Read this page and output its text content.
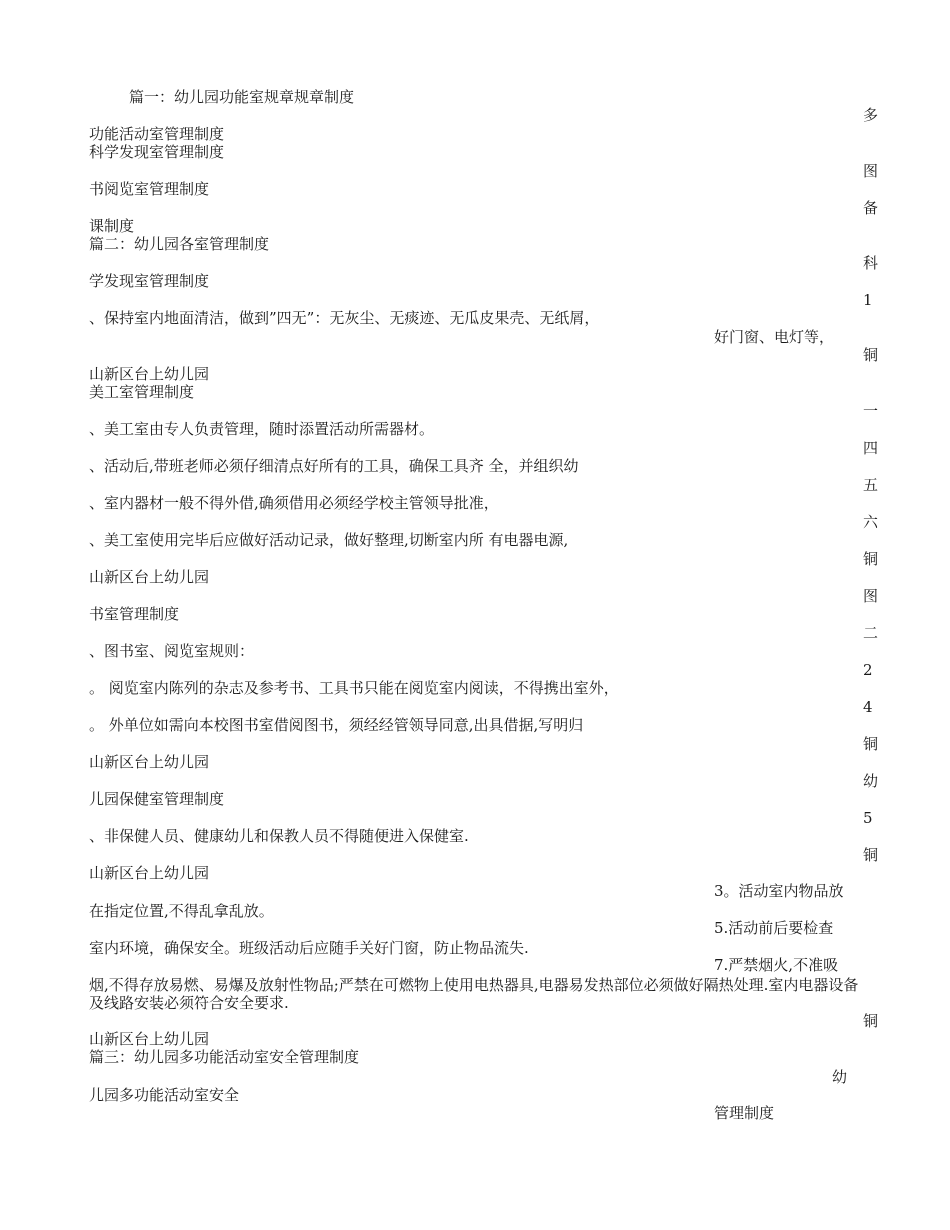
篇一：幼儿园功能室规章规章制度
功能活动室管理制度
科学发现室管理制度
书阅览室管理制度
课制度
篇二：幼儿园各室管理制度
学发现室管理制度
、保持室内地面清洁，做到”四无”：无灰尘、无痰迹、无瓜皮果壳、无纸屑，
山新区台上幼儿园
美工室管理制度
、美工室由专人负责管理，随时添置活动所需器材。
、活动后,带班老师必须仔细清点好所有的工具，确保工具齐 全，并组织幼
、室内器材一般不得外借,确须借用必须经学校主管领导批准，
、美工室使用完毕后应做好活动记录，做好整理,切断室内所 有电器电源,
山新区台上幼儿园
书室管理制度
、图书室、阅览室规则：
。 阅览室内陈列的杂志及参考书、工具书只能在阅览室内阅读，不得携出室外，
。 外单位如需向本校图书室借阅图书，须经经管领导同意,出具借据,写明归
山新区台上幼儿园
儿园保健室管理制度
、非保健人员、健康幼儿和保教人员不得随便进入保健室.
山新区台上幼儿园
在指定位置,不得乱拿乱放。
室内环境，确保安全。班级活动后应随手关好门窗，防止物品流失.
烟,不得存放易燃、易爆及放射性物品;严禁在可燃物上使用电热器具,电器易发热部位必须做好隔热处理.室内电器设备及线路安装必须符合安全要求.
山新区台上幼儿园
篇三：幼儿园多功能活动室安全管理制度
儿园多功能活动室安全
好门窗、电灯等，
3。活动室内物品放
5.活动前后要检查
7.严禁烟火,不准吸
幼
管理制度
多
图
备
科
1
铜
一
四
五
六
铜
图
二
2
4
铜
幼
5
铜
铜
